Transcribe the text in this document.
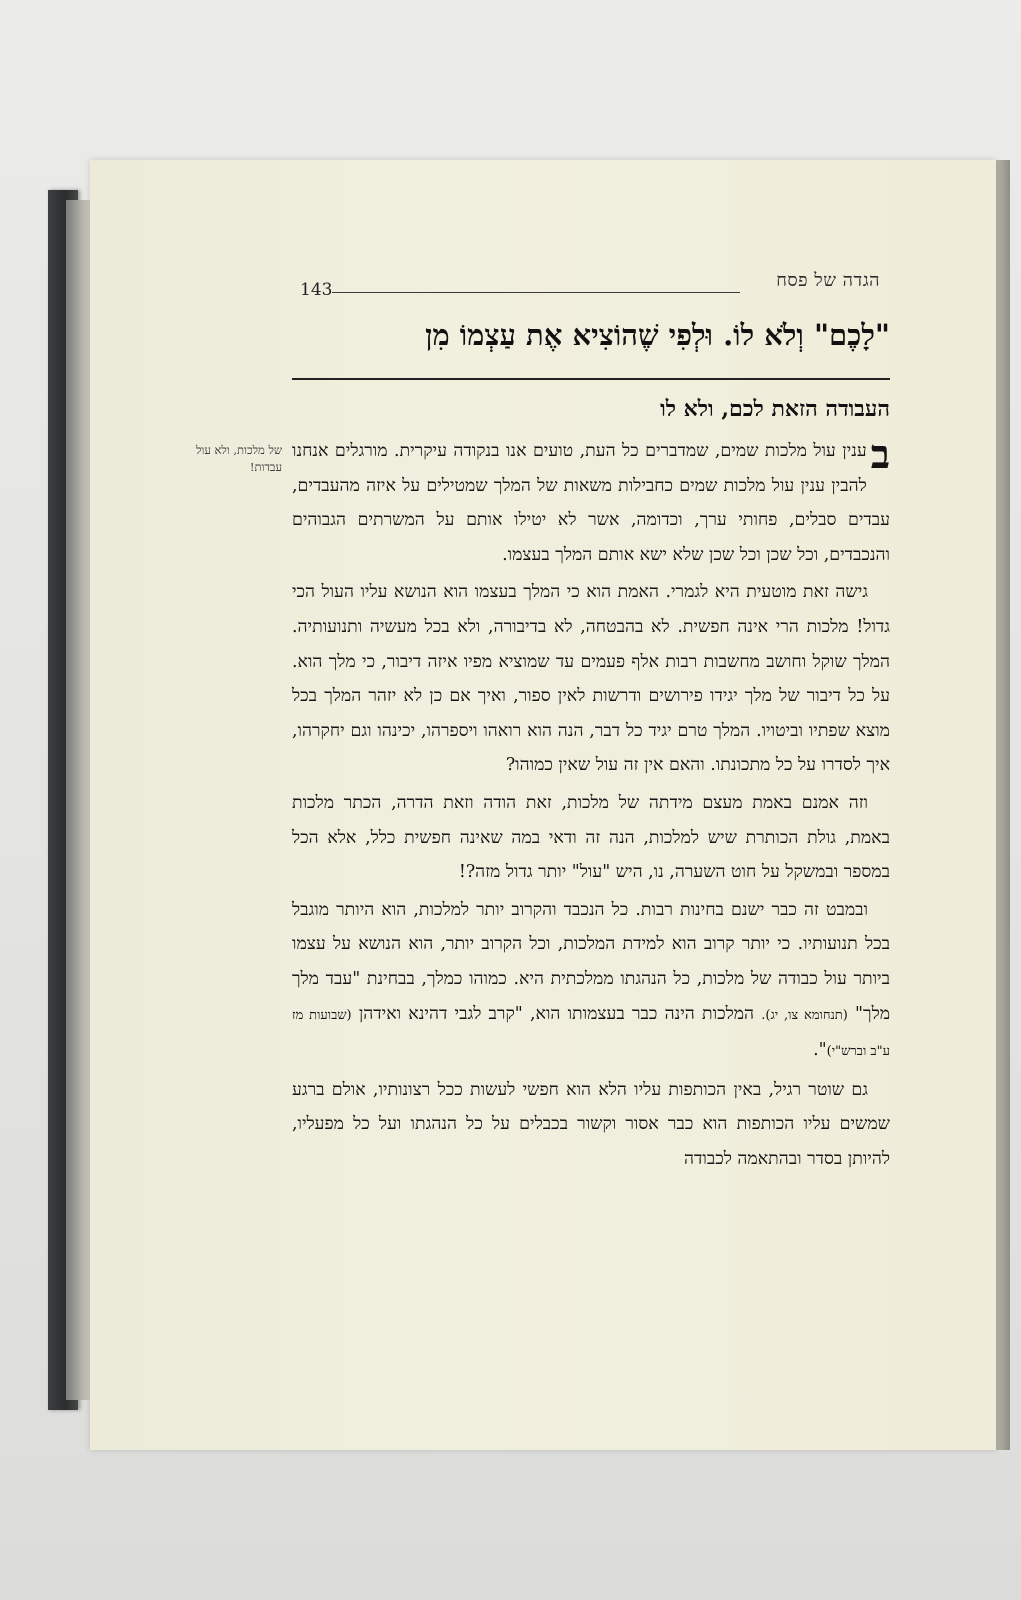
הגדה של פסח
143
"לָכֶם" וְלֹא לוֹ. וּלְפִי שֶׁהוֹצִיא אֶת עַצְמוֹ מִן
העבודה הזאת לכם, ולא לו
של מלכות, ולא עול עבדות!	ב
ענין עול מלכות שמים, שמדברים כל העת, טועים אנו בנקודה עיקרית. מורגלים אנחנו להבין ענין עול מלכות שמים כחבילות משאות של המלך שמטילים על איזה מהעבדים, עבדים סבלים, פחותי ערך, וכדומה, אשר לא יטילו אותם על המשרתים הגבוהים והנכבדים, וכל שכן וכל שכן שלא ישא אותם המלך בעצמו.

גישה זאת מוטעית היא לגמרי. האמת הוא כי המלך בעצמו הוא הנושא עליו העול הכי גדול! מלכות הרי אינה חפשית. לא בהבטחה, לא בדיבורה, ולא בכל מעשיה ותנועותיה. המלך שוקל וחושב מחשבות רבות אלף פעמים עד שמוציא מפיו איזה דיבור, כי מלך הוא. על כל דיבור של מלך יגידו פירושים ודרשות לאין ספור, ואיך אם כן לא יזהר המלך בכל מוצא שפתיו וביטויו. המלך טרם יגיד כל דבר, הנה הוא רואהו ויספרהו, יכינהו וגם יחקרהו, איך לסדרו על כל מתכונתו. והאם אין זה עול שאין כמוהו?

וזה אמנם באמת מעצם מידתה של מלכות, זאת הודה וזאת הדרה, הכתר מלכות באמת, גולת הכותרת שיש למלכות, הנה זה ודאי במה שאינה חפשית כלל, אלא הכל במספר ובמשקל על חוט השערה, נו, היש "עול" יותר גדול מזה?!

ובמבט זה כבר ישנם בחינות רבות. כל הנכבד והקרוב יותר למלכות, הוא היותר מוגבל בכל תנועותיו. כי יותר קרוב הוא למידת המלכות, וכל הקרוב יותר, הוא הנושא על עצמו ביותר עול כבודה של מלכות, כל הנהגתו ממלכתית היא. כמוהו כמלך, בבחינת "עבד מלך מלך" (תנחומא צו, יג). המלכות הינה כבר בעצמותו הוא, "קרב לגבי דהינא ואידהן (שבועות מז ע"ב וברש"י)".

גם שוטר רגיל, באין הכותפות עליו הלא הוא חפשי לעשות ככל רצונותיו, אולם ברגע שמשים עליו הכותפות הוא כבר אסור וקשור בכבלים על כל הנהגתו ועל כל מפעליו, להיותן בסדר ובהתאמה לכבודה
